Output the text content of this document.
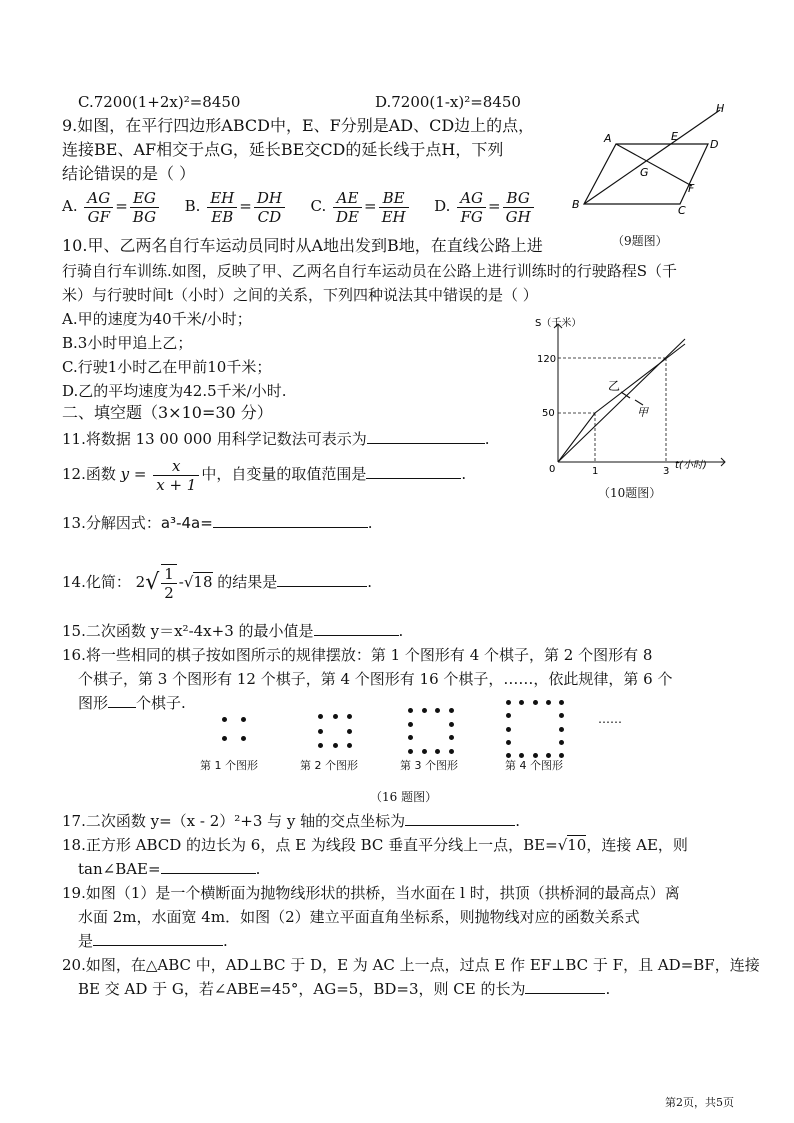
C.7200(1+2x)²=8450	D.7200(1-x)²=8450
9.如图，在平行四边形ABCD中，E、F分别是AD、CD边上的点，
连接BE、AF相交于点G，延长BE交CD的延长线于点H，下列
结论错误的是（ ）
A. $\frac{AG}{GF} = \frac{EG}{BG} B$. $\frac{EH}{EB} = \frac{DH}{CD} C$. $\frac{AE}{DE} = \frac{BE}{EH} D$. $\frac{AG}{FG} = \frac{BG}{GH}$
A	E
D
H
G
F
B	C
（9题图）
10.甲、乙两名自行车运动员同时从A地出发到B地，在直线公路上进
行骑自行车训练.如图，反映了甲、乙两名自行车运动员在公路上进行训练时的行驶路程S（千
米）与行驶时间t（小时）之间的关系，下列四种说法其中错误的是（ ）
A.甲的速度为40千米/小时；
B.3小时甲追上乙；
C.行驶1小时乙在甲前10千米；
D.乙的平均速度为42.5千米/小时.
S（千米）
t(小时)
120
50
0	1	3
乙
甲
（10题图）
二、填空题（3×10=30 分）
11.将数据 13 00 000 用科学记数法可表示为	.
12.函数 $y = \frac{x}{x + 1}$ 中，自变量的取值范围是	.
13.分解因式：a³-4a=	.
14.化简： $2√ \frac{1}{2} -√18$ 的结果是	.
15.二次函数 y＝x²-4x+3 的最小值是	.
16.将一些相同的棋子按如图所示的规律摆放：第 1 个图形有 4 个棋子，第 2 个图形有 8
个棋子，第 3 个图形有 12 个棋子，第 4 个图形有 16 个棋子，……，依此规律，第 6 个
图形 个棋子.
第 1 个图形	第 2 个图形	第 3 个图形	第 4 个图形
……
（16 题图）
17.二次函数 y=（x - 2）²+3 与 y 轴的交点坐标为	.
18.正方形 ABCD 的边长为 6，点 E 为线段 BC 垂直平分线上一点，BE=√10，连接 AE，则
tan∠BAE=	.
19.如图（1）是一个横断面为抛物线形状的拱桥，当水面在 l 时，拱顶（拱桥洞的最高点）离
水面 2m，水面宽 4m．如图（2）建立平面直角坐标系，则抛物线对应的函数关系式
是	.
20.如图，在△ABC 中，AD⊥BC 于 D，E 为 AC 上一点，过点 E 作 EF⊥BC 于 F，且 AD=BF，连接
BE 交 AD 于 G，若∠ABE=45°，AG=5，BD=3，则 CE 的长为	.
第2页，共5页
